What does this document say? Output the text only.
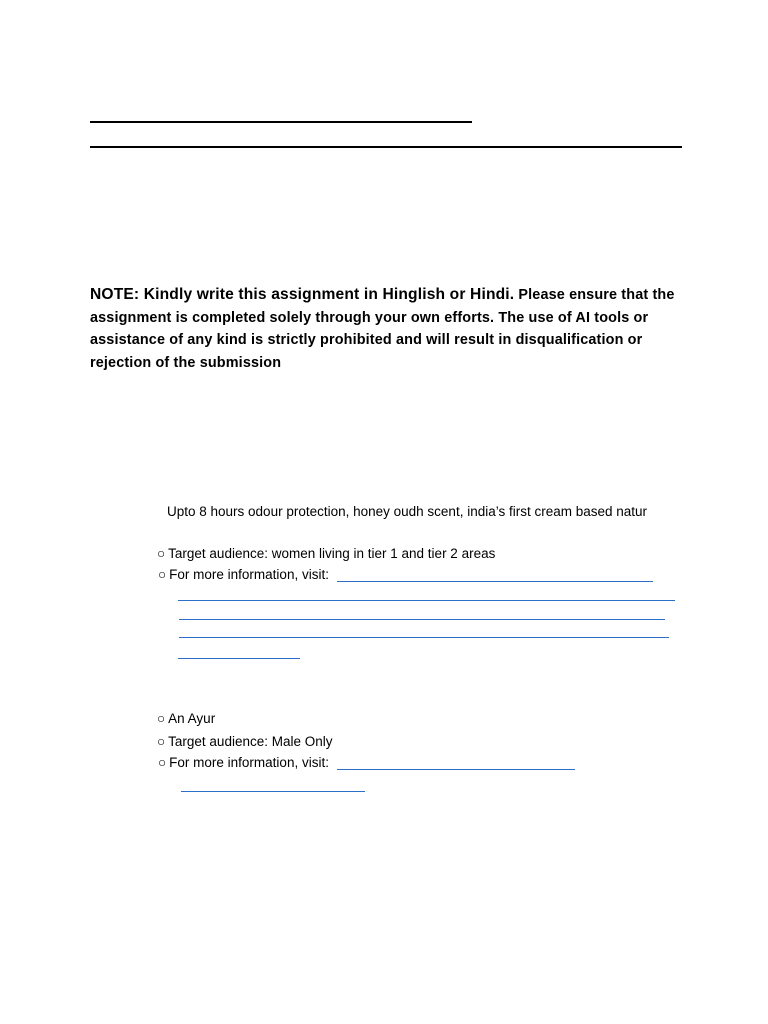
NOTE: Kindly write this assignment in Hinglish or Hindi. Please ensure that the assignment is completed solely through your own efforts. The use of AI tools or assistance of any kind is strictly prohibited and will result in disqualification or rejection of the submission
Upto 8 hours odour protection, honey oudh scent, india’s first cream based natur
○ Target audience: women living in tier 1 and tier 2 areas
○ For more information, visit:
○ An Ayur
○ Target audience: Male Only
○ For more information, visit:
